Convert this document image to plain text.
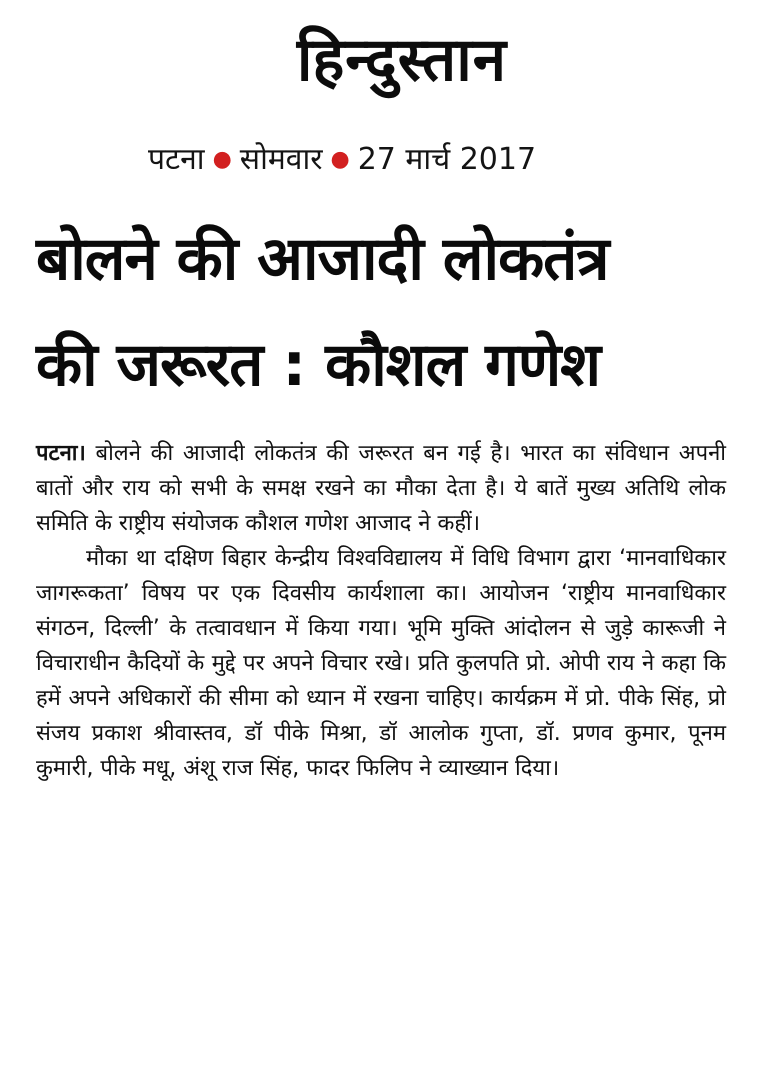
हिन्दुस्तान
पटना ● सोमवार ● 27 मार्च 2017
बोलने की आजादी लोकतंत्र
की जरूरत : कौशल गणेश

पटना। बोलने की आजादी लोकतंत्र की जरूरत बन गई है। भारत का संविधान अपनी बातों और राय को सभी के समक्ष रखने का मौका देता है। ये बातें मुख्य अतिथि लोक समिति के राष्ट्रीय संयोजक कौशल गणेश आजाद ने कहीं।

मौका था दक्षिण बिहार केन्द्रीय विश्वविद्यालय में विधि विभाग द्वारा ‘मानवाधिकार जागरूकता’ विषय पर एक दिवसीय कार्यशाला का। आयोजन ‘राष्ट्रीय मानवाधिकार संगठन, दिल्ली’ के तत्वावधान में किया गया। भूमि मुक्ति आंदोलन से जुड़े कारूजी ने विचाराधीन कैदियों के मुद्दे पर अपने विचार रखे। प्रति कुलपति प्रो. ओपी राय ने कहा कि हमें अपने अधिकारों की सीमा को ध्यान में रखना चाहिए। कार्यक्रम में प्रो. पीके सिंह, प्रो संजय प्रकाश श्रीवास्तव, डॉ पीके मिश्रा, डॉ आलोक गुप्ता, डॉ. प्रणव कुमार, पूनम कुमारी, पीके मधू, अंशू राज सिंह, फादर फिलिप ने व्याख्यान दिया।
